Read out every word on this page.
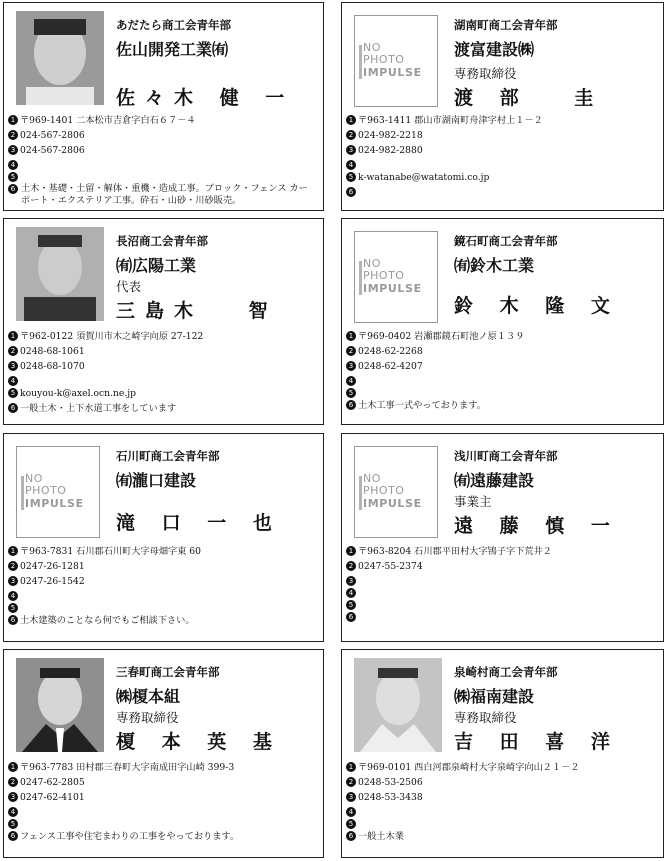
あだたら商工会青年部
佐山開発工業㈲
佐々木 健 一
1 〒969-1401 二本松市吉倉字白石６７－４
2 024-567-2806
3 024-567-2806
4
5
6 土木・基礎・土留・解体・重機・造成工事。ブロック・フェンス カーポート・エクステリア工事。砕石・山砂・川砂販売。
NO
PHOTO
IMPULSE
湖南町商工会青年部
渡富建設㈱
専務取締役
渡 部　 圭
1 〒963-1411 郡山市湖南町舟津字村上１－２
2 024-982-2218
3 024-982-2880
4
5 k-watanabe@watatomi.co.jp
6
長沼商工会青年部
㈲広陽工業
代表
三島木　 智
1 〒962-0122 須賀川市木之崎字向原 27-122
2 0248-68-1061
3 0248-68-1070
4
5 kouyou-k@axel.ocn.ne.jp
6 一般土木・上下水道工事をしています
NO
PHOTO
IMPULSE
鏡石町商工会青年部
㈲鈴木工業
鈴 木 隆 文
1 〒969-0402 岩瀬郡鏡石町池ノ原１３９
2 0248-62-2268
3 0248-62-4207
4
5
6 土木工事一式やっております。
NO
PHOTO
IMPULSE
石川町商工会青年部
㈲瀧口建設
滝 口 一 也
1 〒963-7831 石川郡石川町大字母畑字東 60
2 0247-26-1281
3 0247-26-1542
4
5
6 土木建築のことなら何でもご相談下さい。
NO
PHOTO
IMPULSE
浅川町商工会青年部
㈲遠藤建設
事業主
遠 藤 慎 一
1 〒963-8204 石川郡平田村大字鴇子字下荒井２
2 0247-55-2374
3
4
5
6
三春町商工会青年部
㈱榎本組
専務取締役
榎 本 英 基
1 〒963-7783 田村郡三春町大字南成田字山崎 399-3
2 0247-62-2805
3 0247-62-4101
4
5
6 フェンス工事や住宅まわりの工事をやっております。
泉崎村商工会青年部
㈱福南建設
専務取締役
吉 田 喜 洋
1 〒969-0101 西白河郡泉崎村大字泉崎字向山２１－２
2 0248-53-2506
3 0248-53-3438
4
5
6 一般土木業
